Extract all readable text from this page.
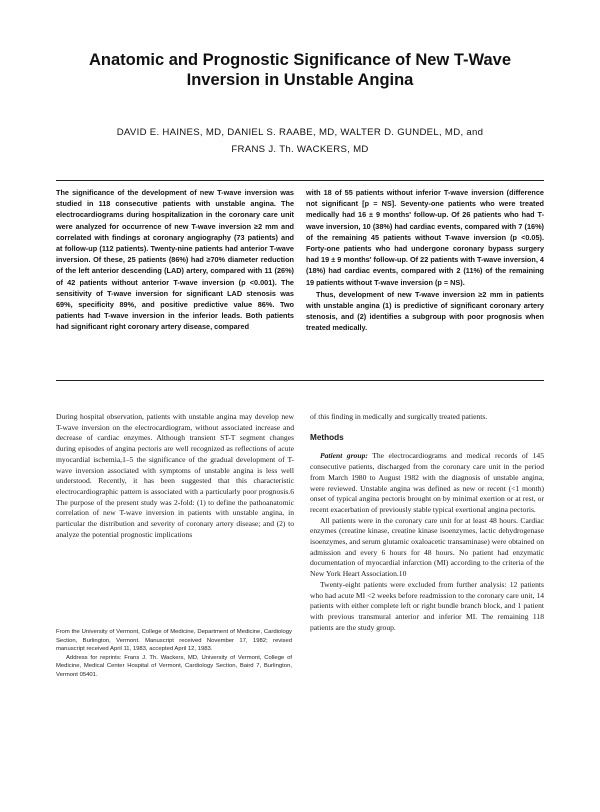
Anatomic and Prognostic Significance of New T-Wave
Inversion in Unstable Angina
DAVID E. HAINES, MD, DANIEL S. RAABE, MD, WALTER D. GUNDEL, MD, and
FRANS J. Th. WACKERS, MD

The significance of the development of new T-wave inversion was studied in 118 consecutive patients with unstable angina. The electrocardiograms during hospitalization in the coronary care unit were analyzed for occurrence of new T-wave inversion ≥2 mm and correlated with findings at coronary angiography (73 patients) and at follow-up (112 patients). Twenty-nine patients had anterior T-wave inversion. Of these, 25 patients (86%) had ≥70% diameter reduction of the left anterior descending (LAD) artery, compared with 11 (26%) of 42 patients without anterior T-wave inversion (p <0.001). The sensitivity of T-wave inversion for significant LAD stenosis was 69%, specificity 89%, and positive predictive value 86%. Two patients had T-wave inversion in the inferior leads. Both patients had significant right coronary artery disease, compared

with 18 of 55 patients without inferior T-wave inversion (difference not significant [p = NS]. Seventy-one patients who were treated medically had 16 ± 9 months' follow-up. Of 26 patients who had T-wave inversion, 10 (38%) had cardiac events, compared with 7 (16%) of the remaining 45 patients without T-wave inversion (p <0.05). Forty-one patients who had undergone coronary bypass surgery had 19 ± 9 months' follow-up. Of 22 patients with T-wave inversion, 4 (18%) had cardiac events, compared with 2 (11%) of the remaining 19 patients without T-wave inversion (p = NS).

Thus, development of new T-wave inversion ≥2 mm in patients with unstable angina (1) is predictive of significant coronary artery stenosis, and (2) identifies a subgroup with poor prognosis when treated medically.

During hospital observation, patients with unstable angina may develop new T-wave inversion on the electrocardiogram, without associated increase and decrease of cardiac enzymes. Although transient ST-T segment changes during episodes of angina pectoris are well recognized as reflections of acute myocardial ischemia,1–5 the significance of the gradual development of T-wave inversion associated with symptoms of unstable angina is less well understood. Recently, it has been suggested that this characteristic electrocardiographic pattern is associated with a particularly poor prognosis.6 The purpose of the present study was 2-fold: (1) to define the pathoanatomic correlation of new T-wave inversion in patients with unstable angina, in particular the distribution and severity of coronary artery disease; and (2) to analyze the potential prognostic implications

of this finding in medically and surgically treated patients.

Methods

Patient group: The electrocardiograms and medical records of 145 consecutive patients, discharged from the coronary care unit in the period from March 1980 to August 1982 with the diagnosis of unstable angina, were reviewed. Unstable angina was defined as new or recent (<1 month) onset of typical angina pectoris brought on by minimal exertion or at rest, or recent exacerbation of previously stable typical exertional angina pectoris.

All patients were in the coronary care unit for at least 48 hours. Cardiac enzymes (creatine kinase, creatine kinase isoenzymes, lactic dehydrogenase isoenzymes, and serum glutamic oxaloacetic transaminase) were obtained on admission and every 6 hours for 48 hours. No patient had enzymatic documentation of myocardial infarction (MI) according to the criteria of the New York Heart Association.10

Twenty-eight patients were excluded from further analysis: 12 patients who had acute MI <2 weeks before readmission to the coronary care unit, 14 patients with either complete left or right bundle branch block, and 1 patient with previous transmural anterior and inferior MI. The remaining 118 patients are the study group.

From the University of Vermont, College of Medicine, Department of Medicine, Cardiology Section, Burlington, Vermont. Manuscript received November 17, 1982; revised manuscript received April 11, 1983, accepted April 12, 1983.

Address for reprints: Frans J. Th. Wackers, MD, University of Vermont, College of Medicine, Medical Center Hospital of Vermont, Cardiology Section, Baird 7, Burlington, Vermont 05401.
